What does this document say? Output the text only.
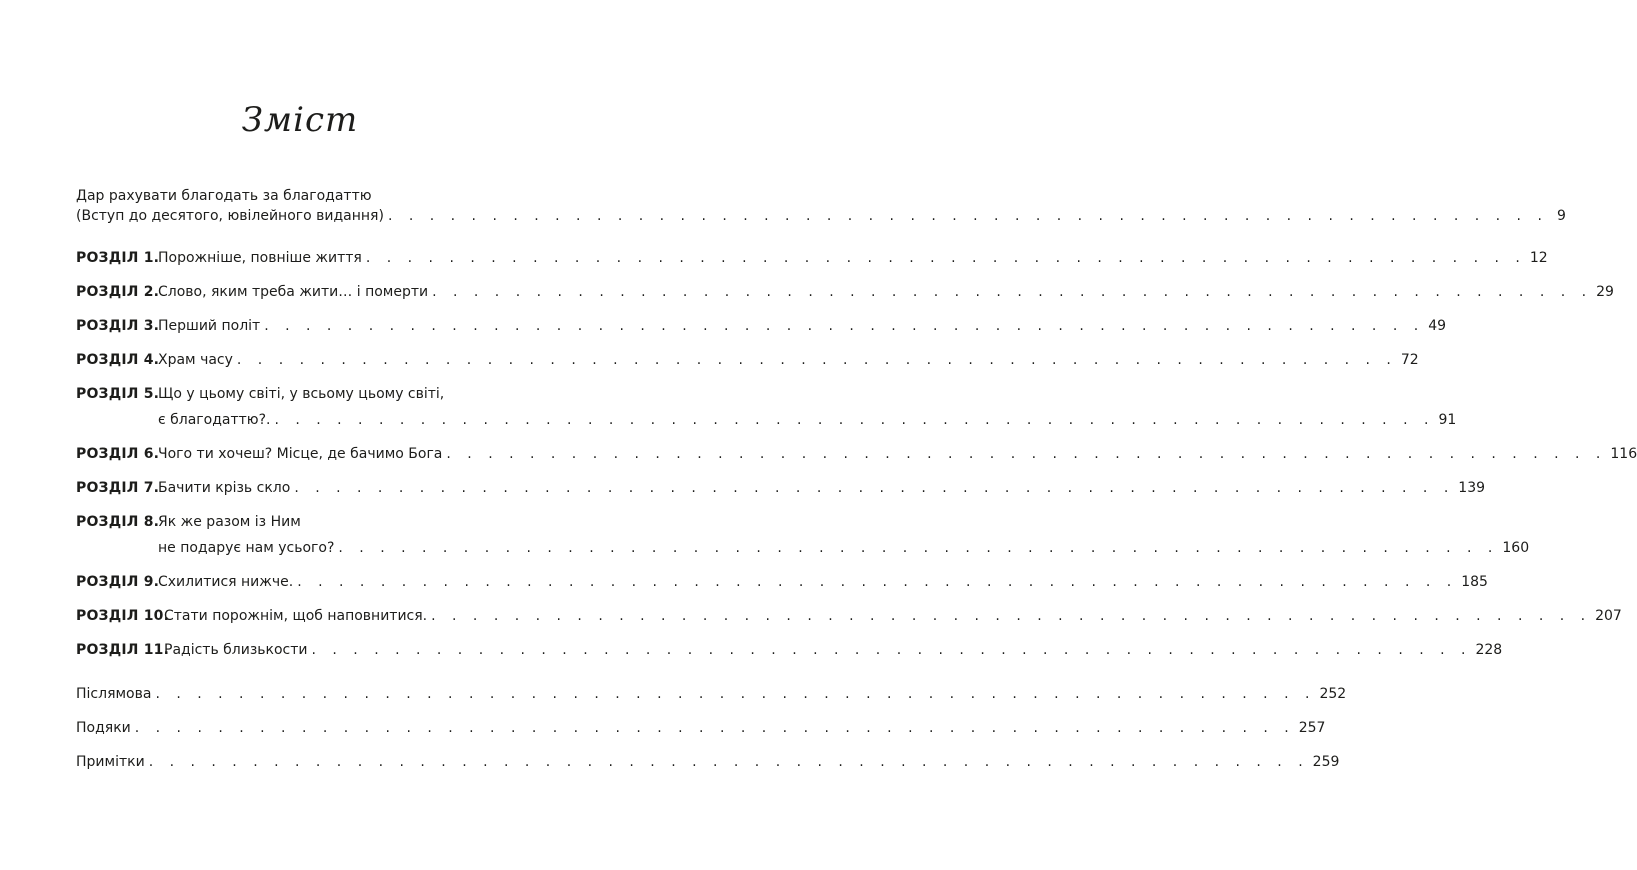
Зміст
Дар рахувати благодать за благодаттю
(Вступ до десятого, ювілейного видання) . . . . . . . . . . . . . . . . . . . . . . . . . . . . . . . . . . . . . . . . . . . . . . . . . . . . . . . . 9
РОЗДІЛ 1.
Порожніше, повніше життя . . . . . . . . . . . . . . . . . . . . . . . . . . . . . . . . . . . . . . . . . . . . . . . . . . . . . . . . 12
РОЗДІЛ 2.
Слово, яким треба жити… і померти . . . . . . . . . . . . . . . . . . . . . . . . . . . . . . . . . . . . . . . . . . . . . . . . . . . . . . . . 29
РОЗДІЛ 3.
Перший політ . . . . . . . . . . . . . . . . . . . . . . . . . . . . . . . . . . . . . . . . . . . . . . . . . . . . . . . . 49
РОЗДІЛ 4.
Храм часу . . . . . . . . . . . . . . . . . . . . . . . . . . . . . . . . . . . . . . . . . . . . . . . . . . . . . . . . 72
РОЗДІЛ 5.
Що у цьому світі, у всьому цьому світі,
є благодаттю?. . . . . . . . . . . . . . . . . . . . . . . . . . . . . . . . . . . . . . . . . . . . . . . . . . . . . . . . . 91
РОЗДІЛ 6.
Чого ти хочеш? Місце, де бачимо Бога . . . . . . . . . . . . . . . . . . . . . . . . . . . . . . . . . . . . . . . . . . . . . . . . . . . . . . . . 116
РОЗДІЛ 7.
Бачити крізь скло . . . . . . . . . . . . . . . . . . . . . . . . . . . . . . . . . . . . . . . . . . . . . . . . . . . . . . . . 139
РОЗДІЛ 8.
Як же разом із Ним
не подарує нам усього? . . . . . . . . . . . . . . . . . . . . . . . . . . . . . . . . . . . . . . . . . . . . . . . . . . . . . . . . 160
РОЗДІЛ 9.
Схилитися нижче. . . . . . . . . . . . . . . . . . . . . . . . . . . . . . . . . . . . . . . . . . . . . . . . . . . . . . . . . 185
РОЗДІЛ 10.
Стати порожнім, щоб наповнитися. . . . . . . . . . . . . . . . . . . . . . . . . . . . . . . . . . . . . . . . . . . . . . . . . . . . . . . . . 207
РОЗДІЛ 11.
Радість близькости . . . . . . . . . . . . . . . . . . . . . . . . . . . . . . . . . . . . . . . . . . . . . . . . . . . . . . . . 228
Післямова . . . . . . . . . . . . . . . . . . . . . . . . . . . . . . . . . . . . . . . . . . . . . . . . . . . . . . . . 252
Подяки . . . . . . . . . . . . . . . . . . . . . . . . . . . . . . . . . . . . . . . . . . . . . . . . . . . . . . . . 257
Примітки . . . . . . . . . . . . . . . . . . . . . . . . . . . . . . . . . . . . . . . . . . . . . . . . . . . . . . . . 259
